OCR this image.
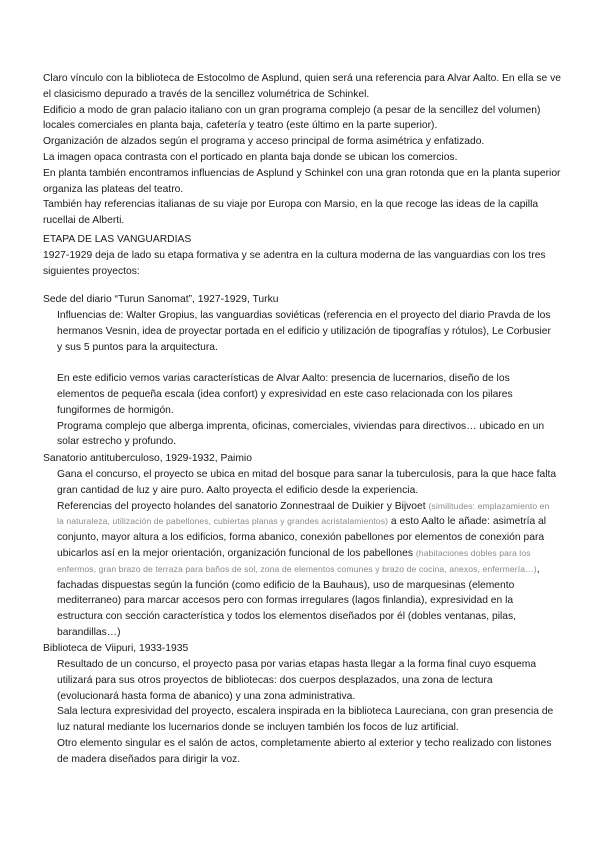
Claro vínculo con la biblioteca de Estocolmo de Asplund, quien será una referencia para Alvar Aalto. En ella se ve el clasicismo depurado a través de la sencillez volumétrica de Schinkel.

Edificio a modo de gran palacio italiano con un gran programa complejo (a pesar de la sencillez del volumen) locales comerciales en planta baja, cafetería y teatro (este último en la parte superior).

Organización de alzados según el programa y acceso principal de forma asimétrica y enfatizado.

La imagen opaca contrasta con el porticado en planta baja donde se ubican los comercios.

En planta también encontramos influencias de Asplund y Schinkel con una gran rotonda que en la planta superior organiza las plateas del teatro.

También hay referencias italianas de su viaje por Europa con Marsio, en la que recoge las ideas de la capilla rucellai de Alberti.

ETAPA DE LAS VANGUARDIAS

1927-1929 deja de lado su etapa formativa y se adentra en la cultura moderna de las vanguardias con los tres siguientes proyectos:

Sede del diario “Turun Sanomat”, 1927-1929, Turku

Influencias de: Walter Gropius, las vanguardias soviéticas (referencia en el proyecto del diario Pravda de los hermanos Vesnin, idea de proyectar portada en el edificio y utilización de tipografías y rótulos), Le Corbusier y sus 5 puntos para la arquitectura.

En este edificio vemos varias características de Alvar Aalto: presencia de lucernarios, diseño de los elementos de pequeña escala (idea confort) y expresividad en este caso relacionada con los pilares fungiformes de hormigón.

Programa complejo que alberga imprenta, oficinas, comerciales, viviendas para directivos… ubicado en un solar estrecho y profundo.

Sanatorio antituberculoso, 1929-1932, Paimio

Gana el concurso, el proyecto se ubica en mitad del bosque para sanar la tuberculosis, para la que hace falta gran cantidad de luz y aire puro. Aalto proyecta el edificio desde la experiencia.

Referencias del proyecto holandes del sanatorio Zonnestraal de Duikier y Bijvoet (similitudes: emplazamiento en la naturaleza, utilización de pabellones, cubiertas planas y grandes acristalamientos) a esto Aalto le añade: asimetría al conjunto, mayor altura a los edificios, forma abanico, conexión pabellones por elementos de conexión para ubicarlos así en la mejor orientación, organización funcional de los pabellones (habitaciones dobles para los enfermos, gran brazo de terraza para baños de sol, zona de elementos comunes y brazo de cocina, anexos, enfermería…), fachadas dispuestas según la función (como edificio de la Bauhaus), uso de marquesinas (elemento mediterraneo) para marcar accesos pero con formas irregulares (lagos finlandia), expresividad en la estructura con sección característica y todos los elementos diseñados por él (dobles ventanas, pilas, barandillas…)

Biblioteca de Viipuri, 1933-1935

Resultado de un concurso, el proyecto pasa por varias etapas hasta llegar a la forma final cuyo esquema utilizará para sus otros proyectos de bibliotecas: dos cuerpos desplazados, una zona de lectura (evolucionará hasta forma de abanico) y una zona administrativa.

Sala lectura expresividad del proyecto, escalera inspirada en la biblioteca Laureciana, con gran presencia de luz natural mediante los lucernarios donde se incluyen también los focos de luz artificial.

Otro elemento singular es el salón de actos, completamente abierto al exterior y techo realizado con listones de madera diseñados para dirigir la voz.
